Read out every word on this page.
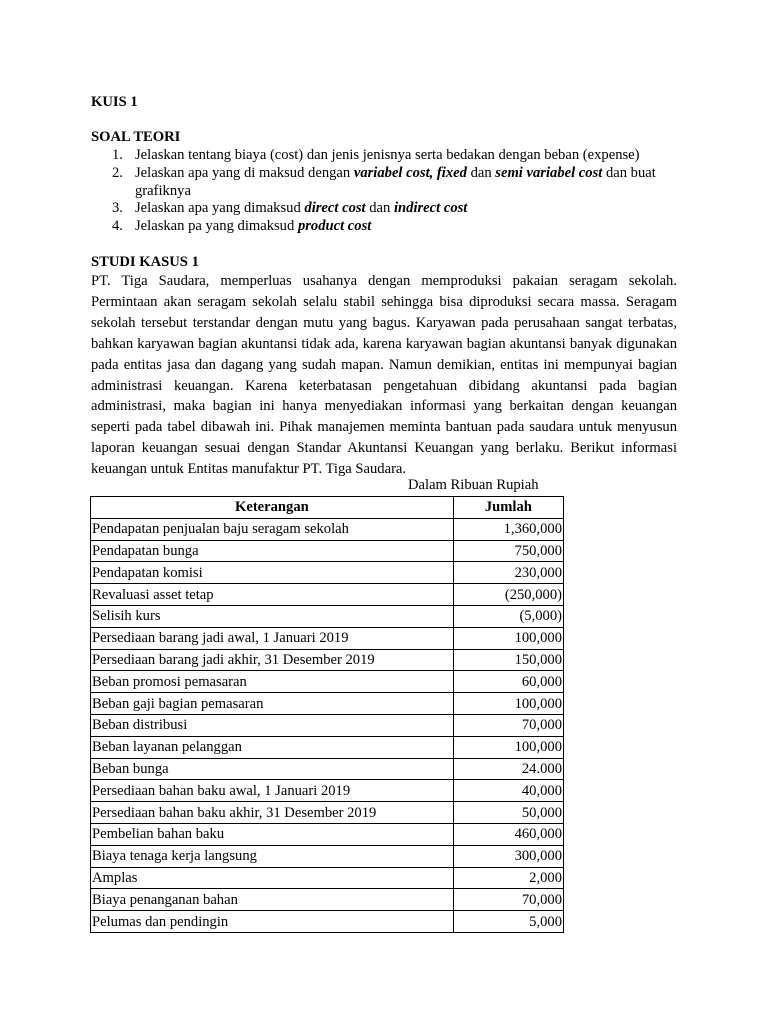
KUIS 1
SOAL TEORI
1. Jelaskan tentang biaya (cost) dan jenis jenisnya serta bedakan dengan beban (expense)
2. Jelaskan apa yang di maksud dengan variabel cost, fixed dan semi variabel cost dan buat grafiknya
3. Jelaskan apa yang dimaksud direct cost dan indirect cost
4. Jelaskan pa yang dimaksud product cost
STUDI KASUS 1

PT. Tiga Saudara, memperluas usahanya dengan memproduksi pakaian seragam sekolah. Permintaan akan seragam sekolah selalu stabil sehingga bisa diproduksi secara massa. Seragam sekolah tersebut terstandar dengan mutu yang bagus. Karyawan pada perusahaan sangat terbatas, bahkan karyawan bagian akuntansi tidak ada, karena karyawan bagian akuntansi banyak digunakan pada entitas jasa dan dagang yang sudah mapan. Namun demikian, entitas ini mempunyai bagian administrasi keuangan. Karena keterbatasan pengetahuan dibidang akuntansi pada bagian administrasi, maka bagian ini hanya menyediakan informasi yang berkaitan dengan keuangan seperti pada tabel dibawah ini. Pihak manajemen meminta bantuan pada saudara untuk menyusun laporan keuangan sesuai dengan Standar Akuntansi Keuangan yang berlaku. Berikut informasi keuangan untuk Entitas manufaktur PT. Tiga Saudara.

Dalam Ribuan Rupiah
Keterangan	Jumlah
Pendapatan penjualan baju seragam sekolah	1,360,000
Pendapatan bunga	750,000
Pendapatan komisi	230,000
Revaluasi asset tetap	(250,000)
Selisih kurs	(5,000)
Persediaan barang jadi awal, 1 Januari 2019	100,000
Persediaan barang jadi akhir, 31 Desember 2019	150,000
Beban promosi pemasaran	60,000
Beban gaji bagian pemasaran	100,000
Beban distribusi	70,000
Beban layanan pelanggan	100,000
Beban bunga	24.000
Persediaan bahan baku awal, 1 Januari 2019	40,000
Persediaan bahan baku akhir, 31 Desember 2019	50,000
Pembelian bahan baku	460,000
Biaya tenaga kerja langsung	300,000
Amplas	2,000
Biaya penanganan bahan	70,000
Pelumas dan pendingin	5,000
